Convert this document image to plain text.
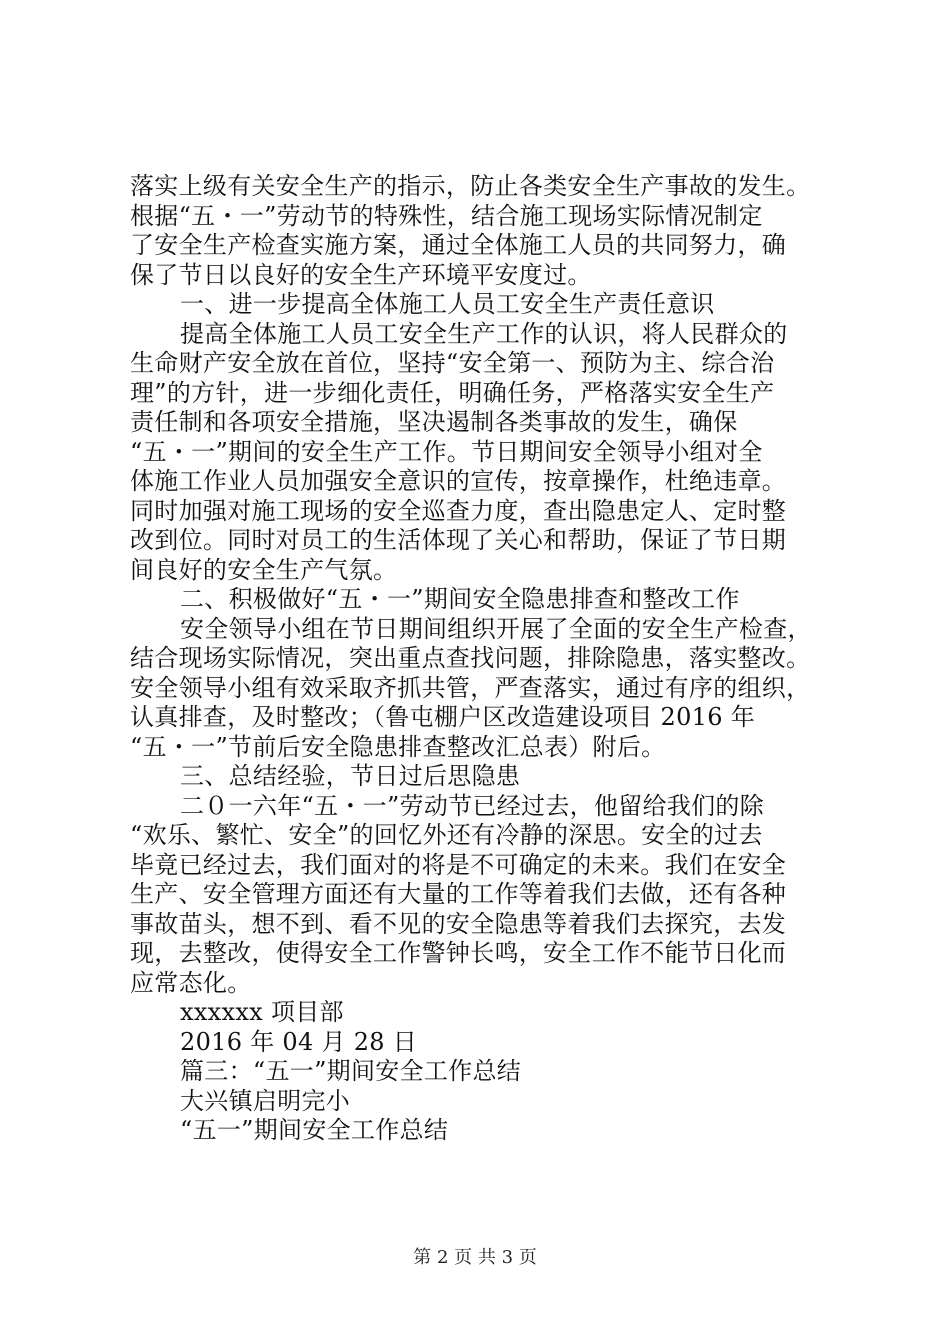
落实上级有关安全生产的指示，防止各类安全生产事故的发生。

根据“五・一”劳动节的特殊性，结合施工现场实际情况制定

了安全生产检查实施方案，通过全体施工人员的共同努力，确

保了节日以良好的安全生产环境平安度过。

一、进一步提高全体施工人员工安全生产责任意识

提高全体施工人员工安全生产工作的认识，将人民群众的

生命财产安全放在首位，坚持“安全第一、预防为主、综合治

理”的方针，进一步细化责任，明确任务，严格落实安全生产

责任制和各项安全措施，坚决遏制各类事故的发生，确保

“五・一”期间的安全生产工作。节日期间安全领导小组对全

体施工作业人员加强安全意识的宣传，按章操作，杜绝违章。

同时加强对施工现场的安全巡查力度，查出隐患定人、定时整

改到位。同时对员工的生活体现了关心和帮助，保证了节日期

间良好的安全生产气氛。

二、积极做好“五・一”期间安全隐患排查和整改工作

安全领导小组在节日期间组织开展了全面的安全生产检查，

结合现场实际情况，突出重点查找问题，排除隐患，落实整改。

安全领导小组有效采取齐抓共管，严查落实，通过有序的组织，

认真排查，及时整改；（鲁屯棚户区改造建设项目 2016 年

“五・一”节前后安全隐患排查整改汇总表）附后。

三、总结经验，节日过后思隐患

二０一六年“五・一”劳动节已经过去，他留给我们的除

“欢乐、繁忙、安全”的回忆外还有冷静的深思。安全的过去

毕竟已经过去，我们面对的将是不可确定的未来。我们在安全

生产、安全管理方面还有大量的工作等着我们去做，还有各种

事故苗头，想不到、看不见的安全隐患等着我们去探究，去发

现，去整改，使得安全工作警钟长鸣，安全工作不能节日化而

应常态化。

xxxxxx 项目部

2016 年 04 月 28 日

篇三：“五一”期间安全工作总结

大兴镇启明完小

“五一”期间安全工作总结

第 2 页 共 3 页
